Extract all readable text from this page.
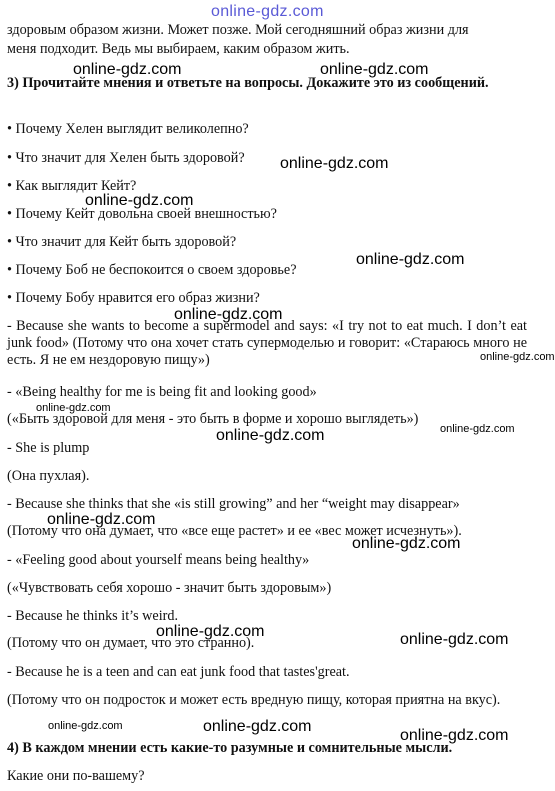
здоровым образом жизни. Может позже. Мой сегодняшний образ жизни для
меня подходит. Ведь мы выбираем, каким образом жить.
3) Прочитайте мнения и ответьте на вопросы. Докажите это из сообщений.
• Почему Хелен выглядит великолепно?
• Что значит для Хелен быть здоровой?
• Как выглядит Кейт?
• Почему Кейт довольна своей внешностью?
• Что значит для Кейт быть здоровой?
• Почему Боб не беспокоится о своем здоровье?
• Почему Бобу нравится его образ жизни?
- Because she wants to become a supermodel and says: «I try not to eat much. I don’t eat junk food» (Потому что она хочет стать супермоделью и говорит: «Стараюсь много не есть. Я не ем нездоровую пищу»)
- «Being healthy for me is being fit and looking good»
(«Быть здоровой для меня - это быть в форме и хорошо выглядеть»)
- She is plump
(Она пухлая).
- Because she thinks that she «is still growing” and her “weight may disappear»
(Потому что она думает, что «все еще растет» и ее «вес может исчезнуть»).
- «Feeling good about yourself means being healthy»
(«Чувствовать себя хорошо - значит быть здоровым»)
- Because he thinks it’s weird.
(Потому что он думает, что это странно).
- Because he is a teen and can eat junk food that tastes'great.
(Потому что он подросток и может есть вредную пищу, которая приятна на вкус).
4) В каждом мнении есть какие-то разумные и сомнительные мысли.
Какие они по-вашему?
online-gdz.com
online-gdz.com	online-gdz.com
online-gdz.com
online-gdz.com
online-gdz.com
online-gdz.com
online-gdz.com
online-gdz.com
online-gdz.com
online-gdz.com
online-gdz.com
online-gdz.com
online-gdz.com	online-gdz.com
online-gdz.com
online-gdz.com
online-gdz.com
